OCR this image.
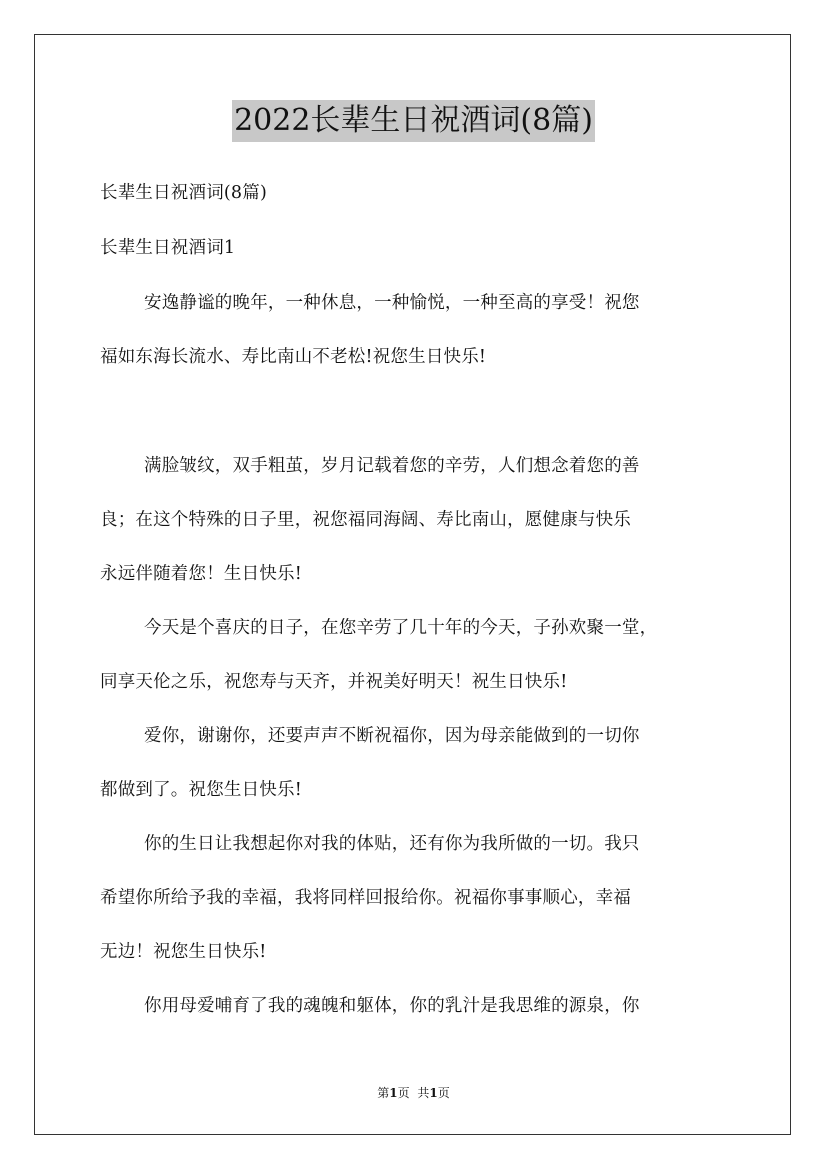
2022长辈生日祝酒词(8篇)
长辈生日祝酒词(8篇)
长辈生日祝酒词1
安逸静谧的晚年，一种休息，一种愉悦，一种至高的享受！祝您
福如东海长流水、寿比南山不老松!祝您生日快乐!
满脸皱纹，双手粗茧，岁月记载着您的辛劳，人们想念着您的善
良；在这个特殊的日子里，祝您福同海阔、寿比南山，愿健康与快乐
永远伴随着您！生日快乐!
今天是个喜庆的日子，在您辛劳了几十年的今天，子孙欢聚一堂，
同享天伦之乐，祝您寿与天齐，并祝美好明天！祝生日快乐!
爱你，谢谢你，还要声声不断祝福你，因为母亲能做到的一切你
都做到了。祝您生日快乐!
你的生日让我想起你对我的体贴，还有你为我所做的一切。我只
希望你所给予我的幸福，我将同样回报给你。祝福你事事顺心，幸福
无边！祝您生日快乐!
你用母爱哺育了我的魂魄和躯体，你的乳汁是我思维的源泉，你
第1页 共1页
